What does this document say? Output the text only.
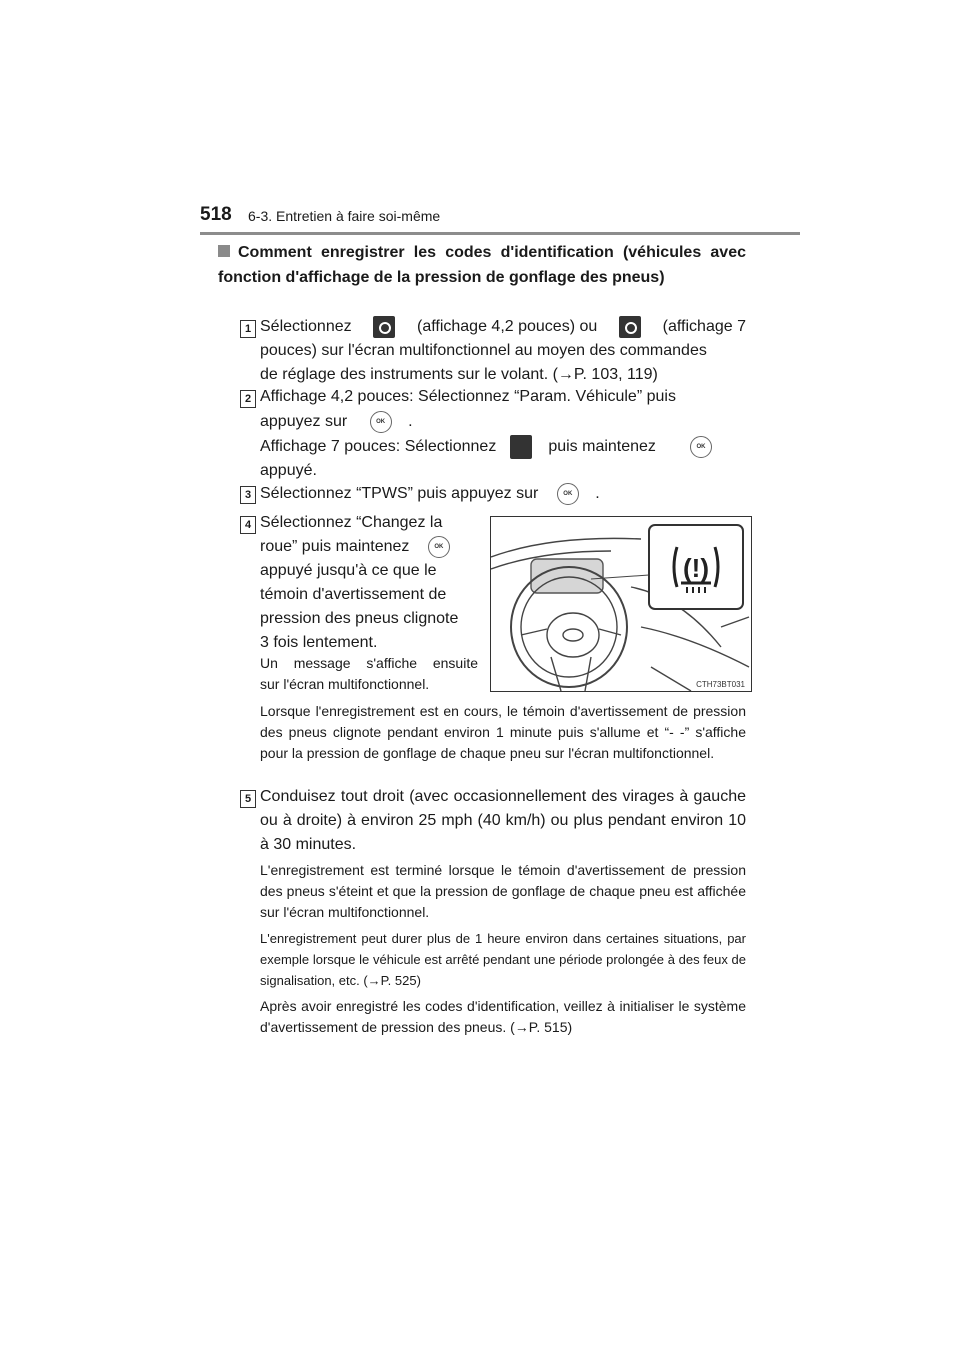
518 6-3. Entretien à faire soi-même
Comment enregistrer les codes d'identification (véhicules avec fonction d'affichage de la pression de gonflage des pneus)
1 Sélectionnez	(affichage 4,2 pouces) ou	(affichage 7
pouces) sur l'écran multifonctionnel au moyen des commandes
de réglage des instruments sur le volant. (→P. 103, 119)
2 Affichage 4,2 pouces: Sélectionnez “Param. Véhicule” puis
appuyez sur	OK .
Affichage 7 pouces: Sélectionnez	puis maintenez	OK
appuyé.
3 Sélectionnez “TPWS” puis appuyez sur	OK .
4 Sélectionnez “Changez la
roue” puis maintenez	OK
appuyé jusqu'à ce que le
témoin d'avertissement de
pression des pneus clignote
3 fois lentement.
Un message s'affiche ensuite
sur l'écran multifonctionnel.
(!)
CTH73BT031
Lorsque l'enregistrement est en cours, le témoin d'avertissement de pression des pneus clignote pendant environ 1 minute puis s'allume et “- -” s'affiche pour la pression de gonflage de chaque pneu sur l'écran multifonctionnel.
5 Conduisez tout droit (avec occasionnellement des virages à gauche ou à droite) à environ 25 mph (40 km/h) ou plus pendant environ 10 à 30 minutes.
L'enregistrement est terminé lorsque le témoin d'avertissement de pression des pneus s'éteint et que la pression de gonflage de chaque pneu est affichée sur l'écran multifonctionnel.
L'enregistrement peut durer plus de 1 heure environ dans certaines situations, par exemple lorsque le véhicule est arrêté pendant une période prolongée à des feux de signalisation, etc. (→P. 525)
Après avoir enregistré les codes d'identification, veillez à initialiser le système d'avertissement de pression des pneus. (→P. 515)
